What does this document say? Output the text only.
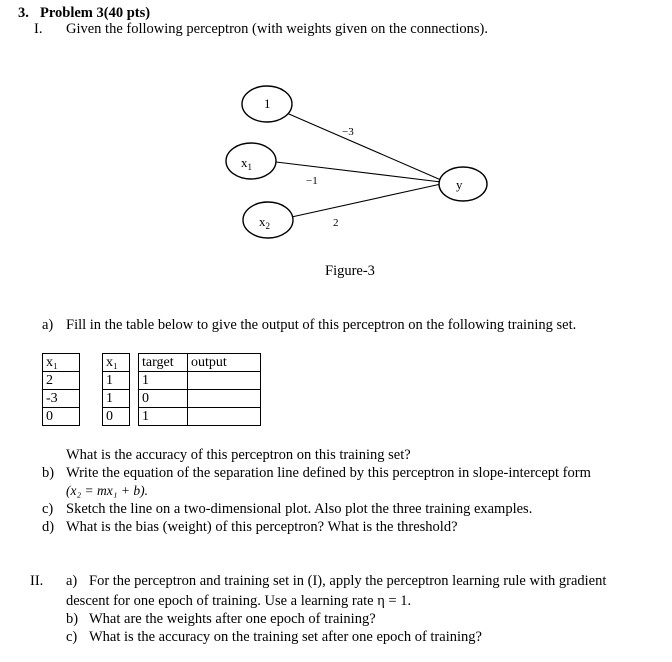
3. Problem 3(40 pts)
I. Given the following perceptron (with weights given on the connections).
1
$x_1$
$x_2$
y
−3
−1
2
Figure-3
a) Fill in the table below to give the output of this perceptron on the following training set.
x₁		x₁		target	output
2		1		1	
-3		1		0	
0		0		1	
What is the accuracy of this perceptron on this training set?
b) Write the equation of the separation line defined by this perceptron in slope-intercept form
(x₂ = mx₁ + b).
c) Sketch the line on a two-dimensional plot. Also plot the three training examples.
d) What is the bias (weight) of this perceptron? What is the threshold?
II. a) For the perceptron and training set in (I), apply the perceptron learning rule with gradient
descent for one epoch of training. Use a learning rate η = 1.
b) What are the weights after one epoch of training?
c) What is the accuracy on the training set after one epoch of training?
